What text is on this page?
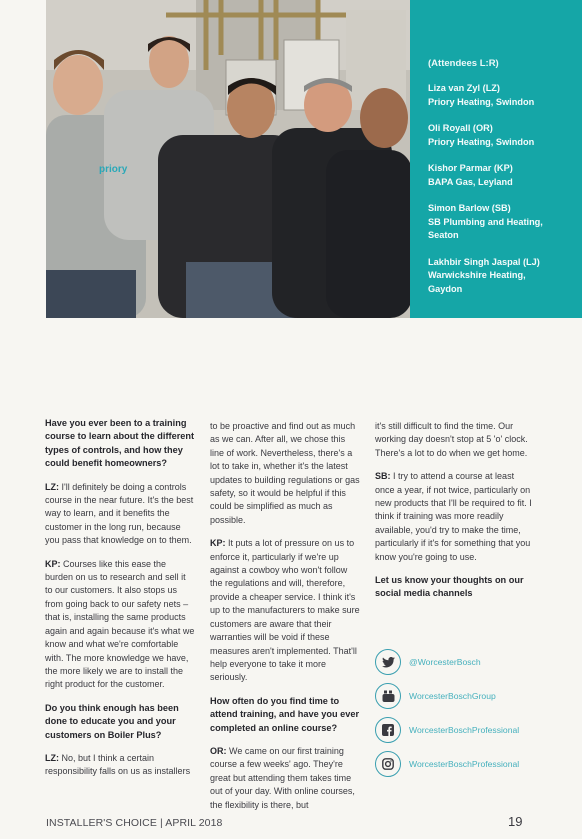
priory
(Attendees L:R)
Liza van Zyl (LZ)
Priory Heating, Swindon
Oli Royall (OR)
Priory Heating, Swindon
Kishor Parmar (KP)
BAPA Gas, Leyland
Simon Barlow (SB)
SB Plumbing and Heating,
Seaton
Lakhbir Singh Jaspal (LJ)
Warwickshire Heating,
Gaydon
Have you ever been to a training course to learn about the different types of controls, and how they could benefit homeowners?
LZ: I'll definitely be doing a controls course in the near future. It's the best way to learn, and it benefits the customer in the long run, because you pass that knowledge on to them.
KP: Courses like this ease the burden on us to research and sell it to our customers. It also stops us from going back to our safety nets – that is, installing the same products again and again because it's what we know and what we're comfortable with. The more knowledge we have, the more likely we are to install the right product for the customer.
Do you think enough has been done to educate you and your customers on Boiler Plus?
LZ: No, but I think a certain responsibility falls on us as installers
to be proactive and find out as much as we can. After all, we chose this line of work. Nevertheless, there's a lot to take in, whether it's the latest updates to building regulations or gas safety, so it would be helpful if this could be simplified as much as possible.
KP: It puts a lot of pressure on us to enforce it, particularly if we're up against a cowboy who won't follow the regulations and will, therefore, provide a cheaper service. I think it's up to the manufacturers to make sure customers are aware that their warranties will be void if these measures aren't implemented. That'll help everyone to take it more seriously.
How often do you find time to attend training, and have you ever completed an online course?
OR: We came on our first training course a few weeks' ago. They're great but attending them takes time out of your day. With online courses, the flexibility is there, but
it's still difficult to find the time. Our working day doesn't stop at 5 'o' clock. There's a lot to do when we get home.
SB: I try to attend a course at least once a year, if not twice, particularly on new products that I'll be required to fit. I think if training was more readily available, you'd try to make the time, particularly if it's for something that you know you're going to use.
Let us know your thoughts on our social media channels
@WorcesterBosch
WorcesterBoschGroup
WorcesterBoschProfessional
WorcesterBoschProfessional
INSTALLER'S CHOICE | APRIL 2018	19
